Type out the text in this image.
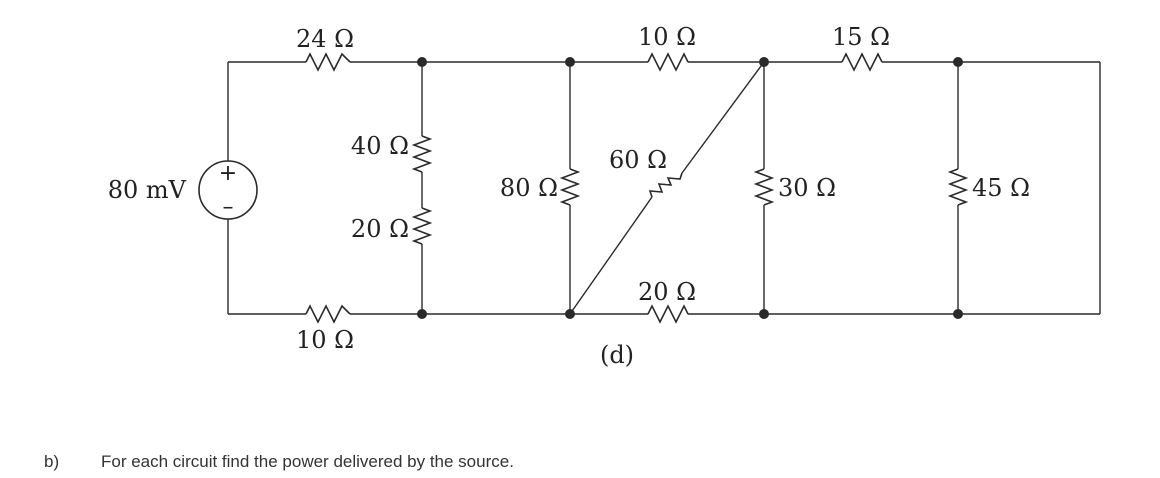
+
–
80 mV
24 Ω
10 Ω
40 Ω
20 Ω
80 Ω
10 Ω
60 Ω
20 Ω
15 Ω
30 Ω	45 Ω
(d)
b) For each circuit find the power delivered by the source.
